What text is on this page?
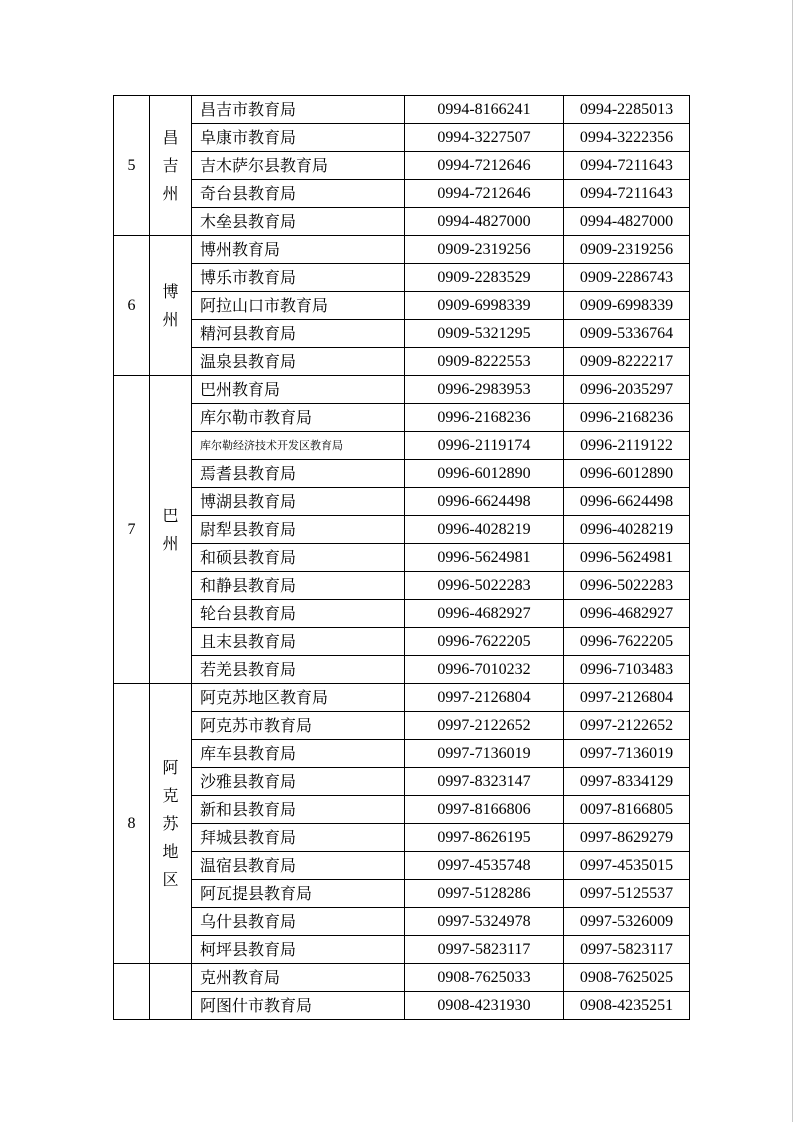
5	昌吉州	昌吉市教育局	0994-8166241	0994-2285013
		阜康市教育局	0994-3227507	0994-3222356
		吉木萨尔县教育局	0994-7212646	0994-7211643
		奇台县教育局	0994-7212646	0994-7211643
		木垒县教育局	0994-4827000	0994-4827000
6	博州	博州教育局	0909-2319256	0909-2319256
		博乐市教育局	0909-2283529	0909-2286743
		阿拉山口市教育局	0909-6998339	0909-6998339
		精河县教育局	0909-5321295	0909-5336764
		温泉县教育局	0909-8222553	0909-8222217
7	巴州	巴州教育局	0996-2983953	0996-2035297
		库尔勒市教育局	0996-2168236	0996-2168236
		库尔勒经济技术开发区教育局	0996-2119174	0996-2119122
		焉耆县教育局	0996-6012890	0996-6012890
		博湖县教育局	0996-6624498	0996-6624498
		尉犁县教育局	0996-4028219	0996-4028219
		和硕县教育局	0996-5624981	0996-5624981
		和静县教育局	0996-5022283	0996-5022283
		轮台县教育局	0996-4682927	0996-4682927
		且末县教育局	0996-7622205	0996-7622205
		若羌县教育局	0996-7010232	0996-7103483
8	阿克苏地区	阿克苏地区教育局	0997-2126804	0997-2126804
		阿克苏市教育局	0997-2122652	0997-2122652
		库车县教育局	0997-7136019	0997-7136019
		沙雅县教育局	0997-8323147	0997-8334129
		新和县教育局	0997-8166806	0097-8166805
		拜城县教育局	0997-8626195	0997-8629279
		温宿县教育局	0997-4535748	0997-4535015
		阿瓦提县教育局	0997-5128286	0997-5125537
		乌什县教育局	0997-5324978	0997-5326009
		柯坪县教育局	0997-5823117	0997-5823117
		克州教育局	0908-7625033	0908-7625025
		阿图什市教育局	0908-4231930	0908-4235251
